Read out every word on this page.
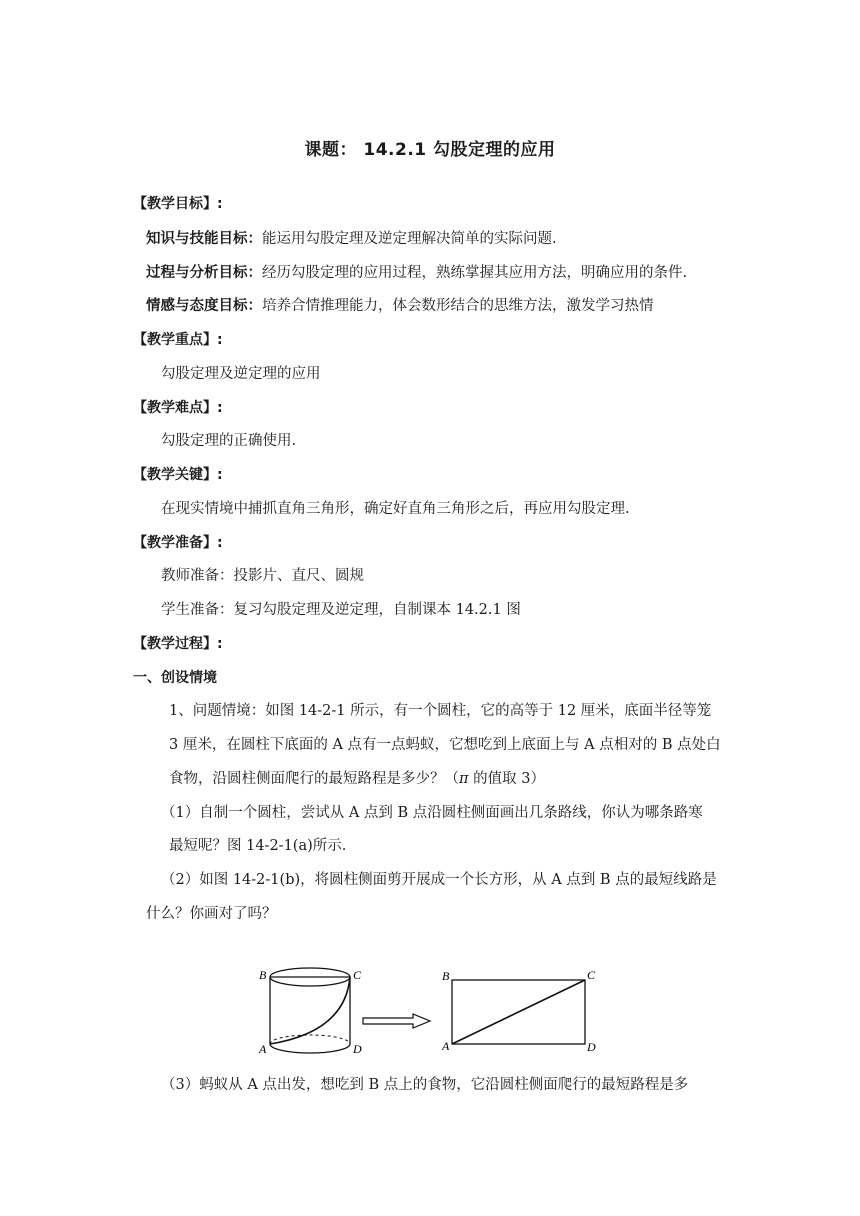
课题： 14.2.1 勾股定理的应用
【教学目标】:
知识与技能目标：能运用勾股定理及逆定理解决简单的实际问题.
过程与分析目标：经历勾股定理的应用过程，熟练掌握其应用方法，明确应用的条件.
情感与态度目标：培养合情推理能力，体会数形结合的思维方法，激发学习热情
【教学重点】:
勾股定理及逆定理的应用
【教学难点】:
勾股定理的正确使用.
【教学关键】:
在现实情境中捕抓直角三角形，确定好直角三角形之后，再应用勾股定理.
【教学准备】:
教师准备：投影片、直尺、圆规
学生准备：复习勾股定理及逆定理，自制课本 14.2.1 图
【教学过程】:
一、创设情境
1、问题情境：如图 14-2-1 所示，有一个圆柱，它的高等于 12 厘米，底面半径等笼
3 厘米，在圆柱下底面的 A 点有一点蚂蚁，它想吃到上底面上与 A 点相对的 B 点处白
食物，沿圆柱侧面爬行的最短路程是多少？（π 的值取 3）
（1）自制一个圆柱，尝试从 A 点到 B 点沿圆柱侧面画出几条路线，你认为哪条路寒
最短呢？图 14-2-1(a)所示.
（2）如图 14-2-1(b)，将圆柱侧面剪开展成一个长方形，从 A 点到 B 点的最短线路是
什么？你画对了吗？
B	C
A	D
B	C
A	D
（3）蚂蚁从 A 点出发，想吃到 B 点上的食物，它沿圆柱侧面爬行的最短路程是多
